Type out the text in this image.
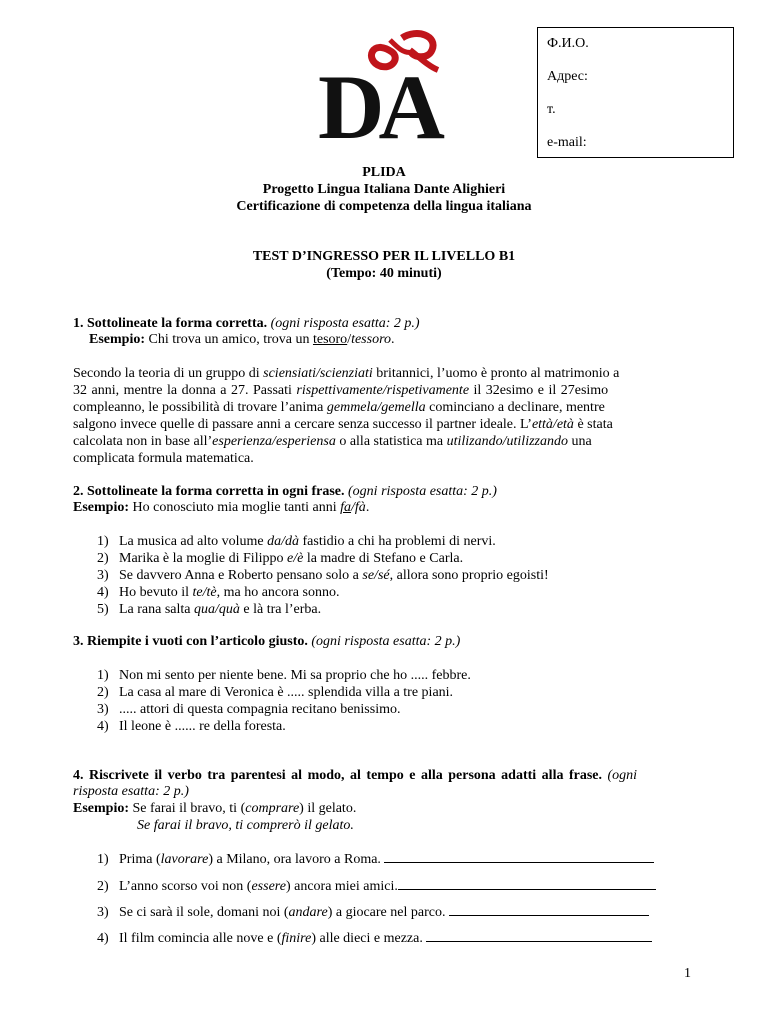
DA
Ф.И.О.
Адрес:
т.
e-mail:
PLIDA
Progetto Lingua Italiana Dante Alighieri
Certificazione di competenza della lingua italiana
TEST D’INGRESSO PER IL LIVELLO B1
(Tempo: 40 minuti)
1. Sottolineate la forma corretta. (ogni risposta esatta: 2 p.)
Esempio: Chi trova un amico, trova un tesoro/tessoro.
Secondo la teoria di un gruppo di sciensiati/scienziati britannici, l’uomo è pronto al matrimonio a
32 anni, mentre la donna a 27. Passati rispettivamente/rispetivamente il 32esimo e il 27esimo
compleanno, le possibilità di trovare l’anima gemmela/gemella cominciano a declinare, mentre
salgono invece quelle di passare anni a cercare senza successo il partner ideale. L’ettà/età è stata
calcolata non in base all’esperienza/esperiensa o alla statistica ma utilizando/utilizzando una
complicata formula matematica.
2. Sottolineate la forma corretta in ogni frase. (ogni risposta esatta: 2 p.)
Esempio: Ho conosciuto mia moglie tanti anni fa/fà.
1) La musica ad alto volume da/dà fastidio a chi ha problemi di nervi.
2) Marika è la moglie di Filippo e/è la madre di Stefano e Carla.
3) Se davvero Anna e Roberto pensano solo a se/sé, allora sono proprio egoisti!
4) Ho bevuto il te/tè, ma ho ancora sonno.
5) La rana salta qua/quà e là tra l’erba.
3. Riempite i vuoti con l’articolo giusto. (ogni risposta esatta: 2 p.)
1) Non mi sento per niente bene. Mi sa proprio che ho ..... febbre.
2) La casa al mare di Veronica è ..... splendida villa a tre piani.
3) ..... attori di questa compagnia recitano benissimo.
4) Il leone è ...... re della foresta.
4. Riscrivete il verbo tra parentesi al modo, al tempo e alla persona adatti alla frase. (ogni
risposta esatta: 2 p.)
Esempio: Se farai il bravo, ti (comprare) il gelato.
Se farai il bravo, ti comprerò il gelato.
1) Prima (lavorare) a Milano, ora lavoro a Roma.
2) L’anno scorso voi non (essere) ancora miei amici.
3) Se ci sarà il sole, domani noi (andare) a giocare nel parco.
4) Il film comincia alle nove e (finire) alle dieci e mezza.
1
